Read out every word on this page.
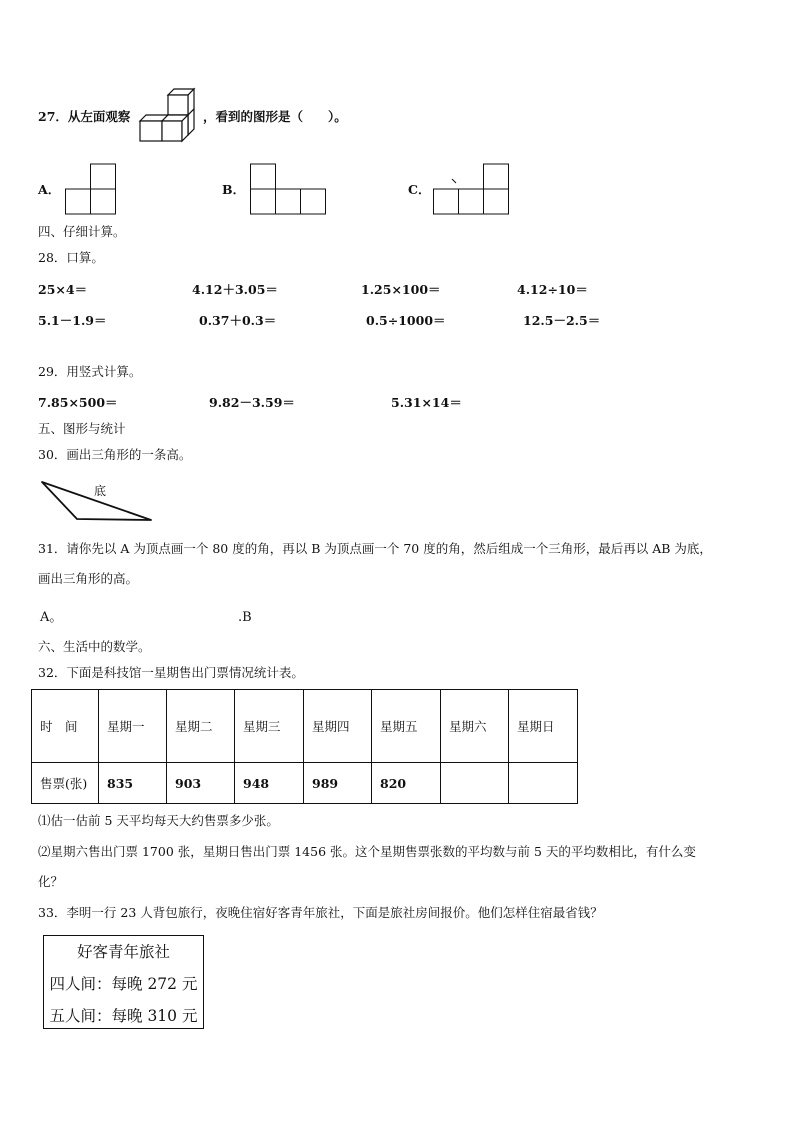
27．从左面观察	，看到的图形是（　　）。
A．	B．	C．
四、仔细计算。
28．口算。
25×4＝	4.12＋3.05＝	1.25×100＝	4.12÷10＝
5.1－1.9＝	0.37＋0.3＝	0.5÷1000＝	12.5－2.5＝
29．用竖式计算。
7.85×500＝	9.82－3.59＝	5.31×14＝
五、图形与统计
30．画出三角形的一条高。
底
31．请你先以 A 为顶点画一个 80 度的角，再以 B 为顶点画一个 70 度的角，然后组成一个三角形，最后再以 AB 为底，
画出三角形的高。
A。	.B
六、生活中的数学。
32．下面是科技馆一星期售出门票情况统计表。
时　间	星期一	星期二	星期三	星期四	星期五	星期六	星期日
售票(张)	835	903	948	989	820		
⑴估一估前 5 天平均每天大约售票多少张。
⑵星期六售出门票 1700 张，星期日售出门票 1456 张。这个星期售票张数的平均数与前 5 天的平均数相比，有什么变
化？
33．李明一行 23 人背包旅行，夜晚住宿好客青年旅社，下面是旅社房间报价。他们怎样住宿最省钱？
好客青年旅社
四人间：每晚 272 元
五人间：每晚 310 元
